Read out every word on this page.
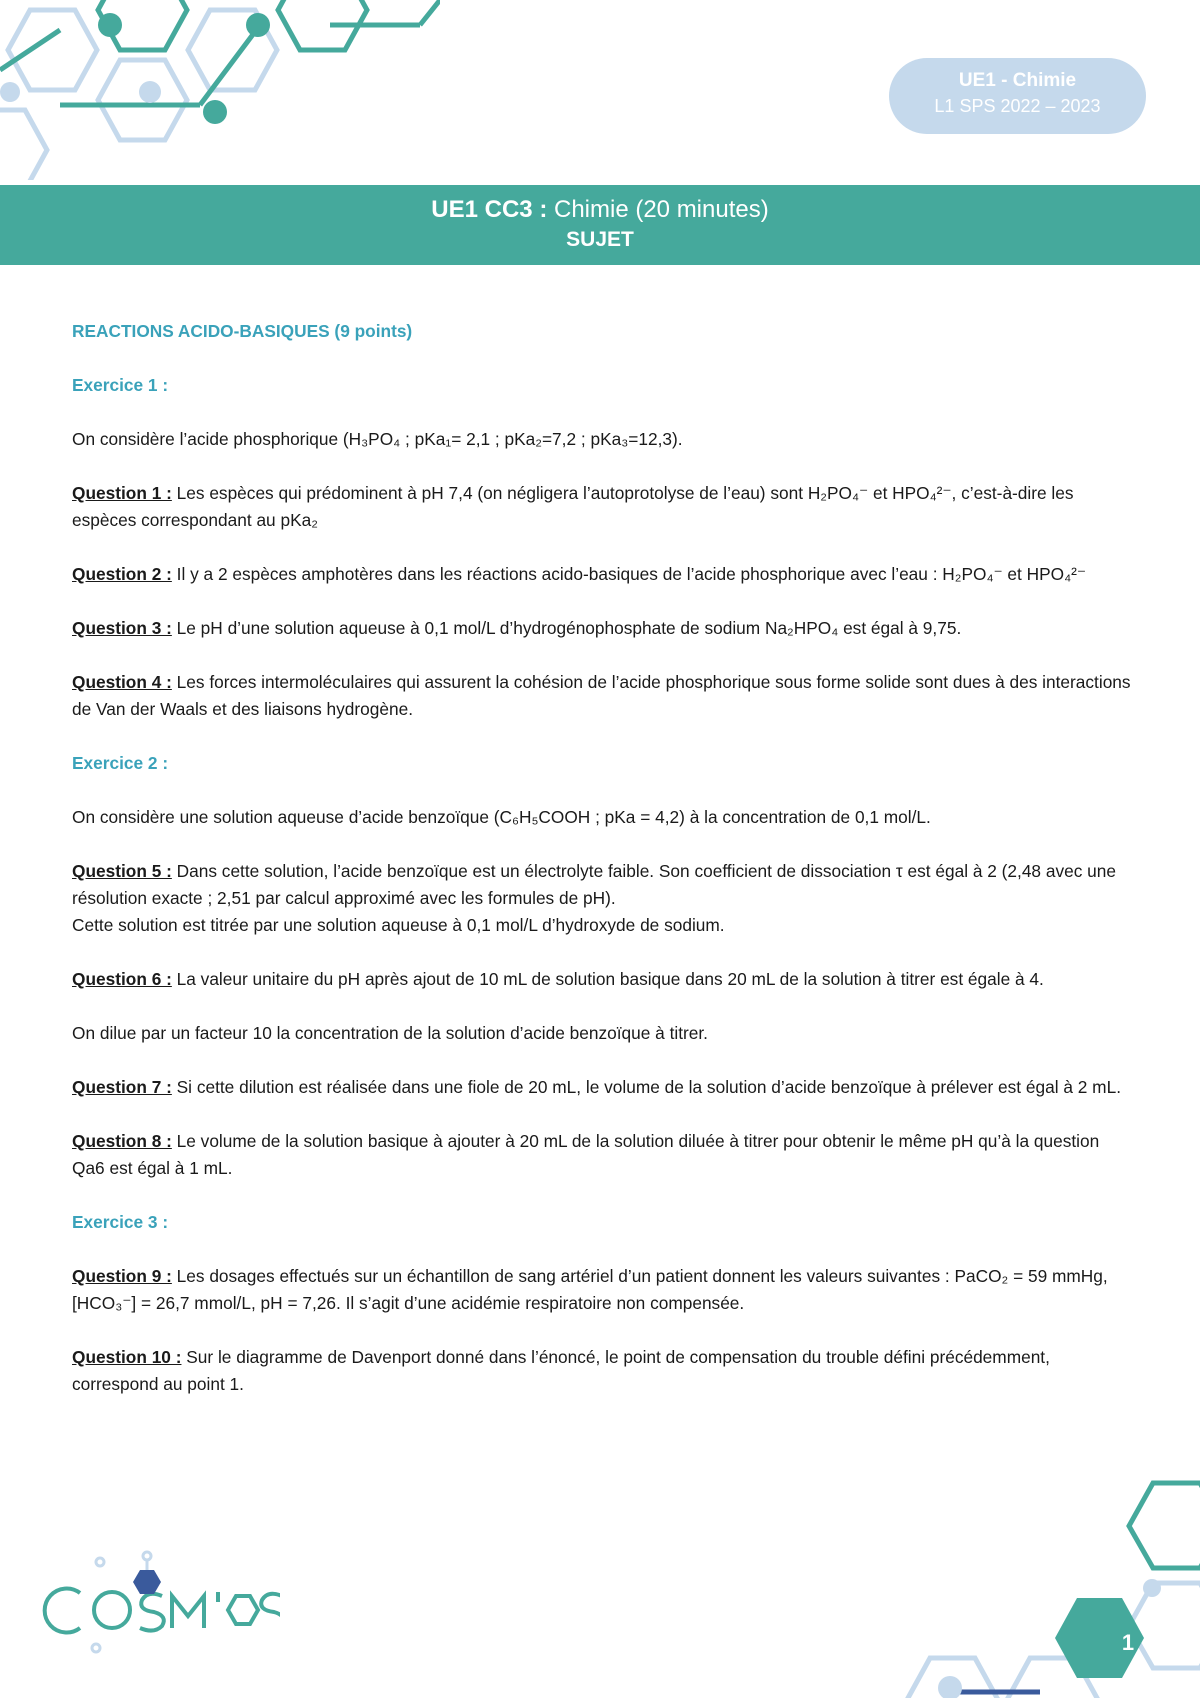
UE1 - Chimie
L1 SPS 2022 – 2023
UE1 CC3 : Chimie (20 minutes)
SUJET
REACTIONS ACIDO-BASIQUES (9 points)
Exercice 1 :
On considère l’acide phosphorique (H₃PO₄ ; pKa₁= 2,1 ; pKa₂=7,2 ; pKa₃=12,3).
Question 1 : Les espèces qui prédominent à pH 7,4 (on négligera l’autoprotolyse de l’eau) sont H₂PO₄⁻ et HPO₄²⁻, c’est-à-dire les espèces correspondant au pKa₂
Question 2 : Il y a 2 espèces amphotères dans les réactions acido-basiques de l’acide phosphorique avec l’eau : H₂PO₄⁻ et HPO₄²⁻
Question 3 : Le pH d’une solution aqueuse à 0,1 mol/L d’hydrogénophosphate de sodium Na₂HPO₄ est égal à 9,75.
Question 4 : Les forces intermoléculaires qui assurent la cohésion de l’acide phosphorique sous forme solide sont dues à des interactions de Van der Waals et des liaisons hydrogène.
Exercice 2 :
On considère une solution aqueuse d’acide benzoïque (C₆H₅COOH ; pKa = 4,2) à la concentration de 0,1 mol/L.
Question 5 : Dans cette solution, l’acide benzoïque est un électrolyte faible. Son coefficient de dissociation τ est égal à 2 (2,48 avec une résolution exacte ; 2,51 par calcul approximé avec les formules de pH).
Cette solution est titrée par une solution aqueuse à 0,1 mol/L d’hydroxyde de sodium.
Question 6 : La valeur unitaire du pH après ajout de 10 mL de solution basique dans 20 mL de la solution à titrer est égale à 4.
On dilue par un facteur 10 la concentration de la solution d’acide benzoïque à titrer.
Question 7 : Si cette dilution est réalisée dans une fiole de 20 mL, le volume de la solution d’acide benzoïque à prélever est égal à 2 mL.
Question 8 : Le volume de la solution basique à ajouter à 20 mL de la solution diluée à titrer pour obtenir le même pH qu’à la question Qa6 est égal à 1 mL.
Exercice 3 :
Question 9 : Les dosages effectués sur un échantillon de sang artériel d’un patient donnent les valeurs suivantes : PaCO₂ = 59 mmHg, [HCO₃⁻] = 26,7 mmol/L, pH = 7,26. Il s’agit d’une acidémie respiratoire non compensée.
Question 10 : Sur le diagramme de Davenport donné dans l’énoncé, le point de compensation du trouble défini précédemment, correspond au point 1.
1
